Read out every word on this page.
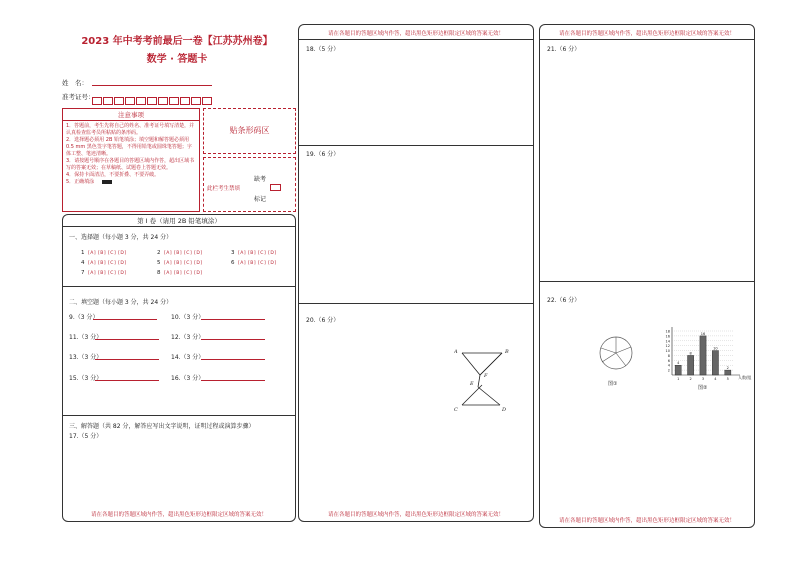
2023 年中考考前最后一卷【江苏苏州卷】
数学 · 答题卡
姓　名：
准考证号：
注意事项
1．答题前，考生先将自己的姓名、准考证号填写清楚，并认真检查监考员所粘贴的条形码。
2．选择题必须用 2B 铅笔填涂；填空题和解答题必须用 0.5 mm 黑色签字笔答题，不得用铅笔或圆珠笔答题；字体工整、笔迹清晰。
3．请按题号顺序在各题目的答题区域内作答，超出区域书写的答案无效；在草稿纸、试题卷上答题无效。
4．保持卡面清洁，不要折叠、不要弄破。
5．正确填涂
贴条形码区
缺考
此栏考生禁填
标记
第 I 卷（请用 2B 铅笔填涂）
一、选择题（每小题 3 分，共 24 分）
1 [A] [B] [C] [D]	2 [A] [B] [C] [D]	3 [A] [B] [C] [D]
4 [A] [B] [C] [D]	5 [A] [B] [C] [D]	6 [A] [B] [C] [D]
7 [A] [B] [C] [D]	8 [A] [B] [C] [D]
二、填空题（每小题 3 分，共 24 分）
9.（3 分）	10.（3 分）
11.（3 分）	12.（3 分）
13.（3 分）	14.（3 分）
15.（3 分）	16.（3 分）
三、解答题（共 82 分，解答应写出文字说明，证明过程或演算步骤）
17.（5 分）
请在各题目的答题区域内作答，超出黑色矩形边框限定区域的答案无效！
请在各题目的答题区域内作答，超出黑色矩形边框限定区域的答案无效！
18.（5 分）
19.（6 分）
20.（6 分）
A	B
E
F
C	D
请在各题目的答题区域内作答，超出黑色矩形边框限定区域的答案无效！
请在各题目的答题区域内作答，超出黑色矩形边框限定区域的答案无效！
21.（6 分）
22.（6 分）
图①
18
16
14
12
10
8
6
4
2
4
1
8
2
16
3
10
4
2
5
图②
人数/组
请在各题目的答题区域内作答，超出黑色矩形边框限定区域的答案无效！
